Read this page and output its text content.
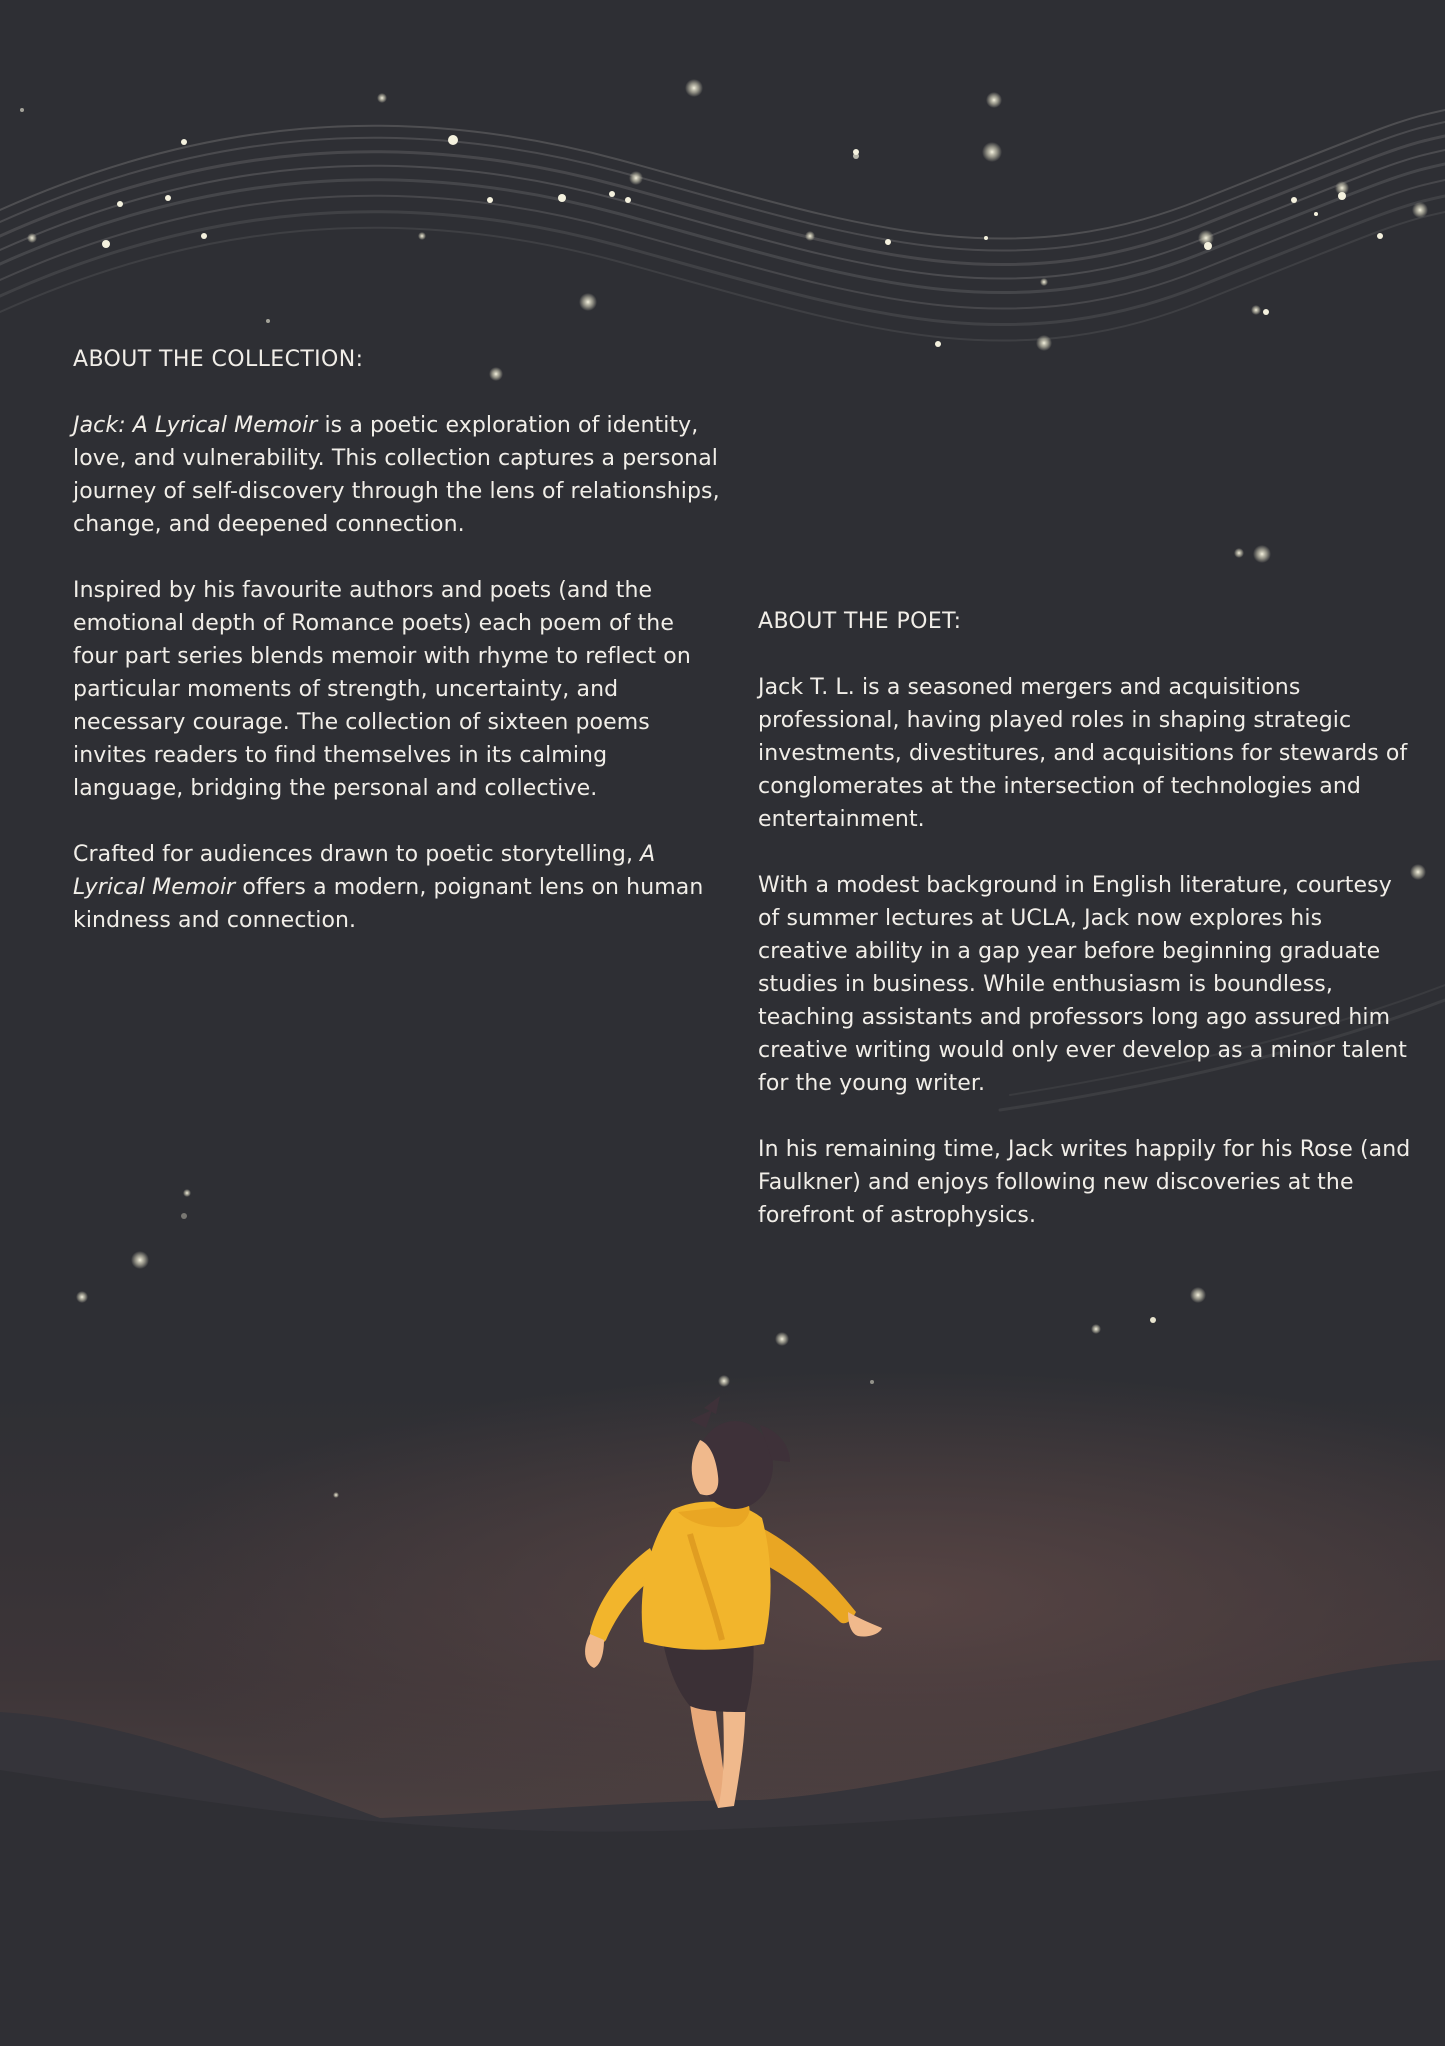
ABOUT THE COLLECTION:

Jack: A Lyrical Memoir is a poetic exploration of identity, love, and vulnerability. This collection captures a personal journey of self-discovery through the lens of relationships, change, and deepened connection.

Inspired by his favourite authors and poets (and the emotional depth of Romance poets) each poem of the four part series blends memoir with rhyme to reflect on particular moments of strength, uncertainty, and necessary courage. The collection of sixteen poems invites readers to find themselves in its calming language, bridging the personal and collective.

Crafted for audiences drawn to poetic storytelling, A Lyrical Memoir offers a modern, poignant lens on human kindness and connection.

ABOUT THE POET:

Jack T. L. is a seasoned mergers and acquisitions professional, having played roles in shaping strategic investments, divestitures, and acquisitions for stewards of conglomerates at the intersection of technologies and entertainment.

With a modest background in English literature, courtesy of summer lectures at UCLA, Jack now explores his creative ability in a gap year before beginning graduate studies in business. While enthusiasm is boundless, teaching assistants and professors long ago assured him creative writing would only ever develop as a minor talent for the young writer.

In his remaining time, Jack writes happily for his Rose (and Faulkner) and enjoys following new discoveries at the forefront of astrophysics.
